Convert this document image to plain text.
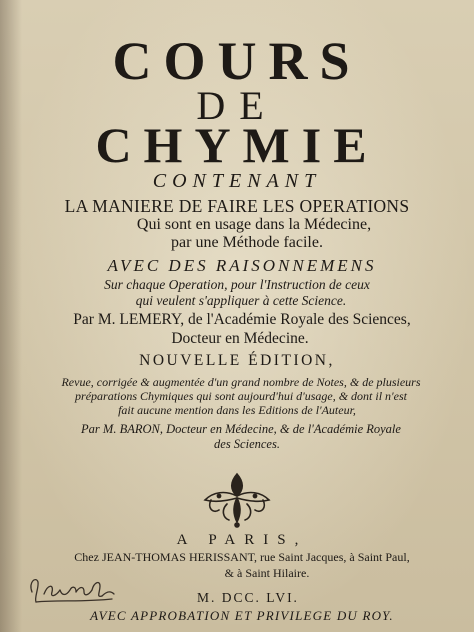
COURS
DE
CHYMIE
CONTENANT
LA MANIERE DE FAIRE LES OPERATIONS
Qui sont en usage dans la Médecine,
par une Méthode facile.
AVEC DES RAISONNEMENS
Sur chaque Operation, pour l'Instruction de ceux
qui veulent s'appliquer à cette Science.
Par M. LEMERY, de l'Académie Royale des Sciences,
Docteur en Médecine.
NOUVELLE ÉDITION,
Revue, corrigée & augmentée d'un grand nombre de Notes, & de plusieurs
préparations Chymiques qui sont aujourd'hui d'usage, & dont il n'est
fait aucune mention dans les Editions de l'Auteur,
Par M. BARON, Docteur en Médecine, & de l'Académie Royale
des Sciences.
A PARIS,
Chez JEAN-THOMAS HERISSANT, rue Saint Jacques, à Saint Paul,
& à Saint Hilaire.
M. DCC. LVI.
AVEC APPROBATION ET PRIVILEGE DU ROY.
